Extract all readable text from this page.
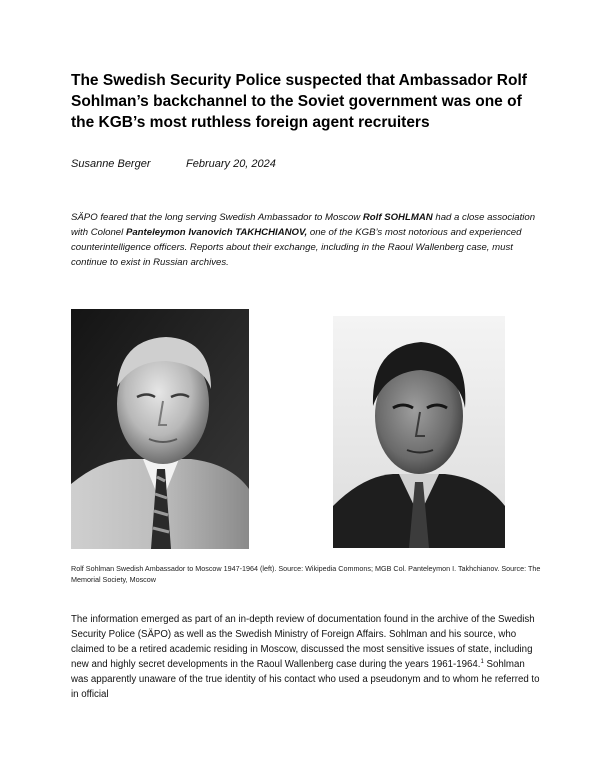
The Swedish Security Police suspected that Ambassador Rolf Sohlman’s backchannel to the Soviet government was one of the KGB’s most ruthless foreign agent recruiters
Susanne Berger	February 20, 2024
SÄPO feared that the long serving Swedish Ambassador to Moscow Rolf SOHLMAN had a close association with Colonel Panteleymon Ivanovich TAKHCHIANOV, one of the KGB’s most notorious and experienced counterintelligence officers. Reports about their exchange, including in the Raoul Wallenberg case, must continue to exist in Russian archives.
Rolf Sohlman Swedish Ambassador to Moscow 1947-1964 (left). Source: Wikipedia Commons; MGB Col. Panteleymon I. Takhchianov. Source: The Memorial Society, Moscow
The information emerged as part of an in-depth review of documentation found in the archive of the Swedish Security Police (SÄPO) as well as the Swedish Ministry of Foreign Affairs. Sohlman and his source, who claimed to be a retired academic residing in Moscow, discussed the most sensitive issues of state, including new and highly secret developments in the Raoul Wallenberg case during the years 1961-1964.$^1$ Sohlman was apparently unaware of the true identity of his contact who used a pseudonym and to whom he referred to in official
